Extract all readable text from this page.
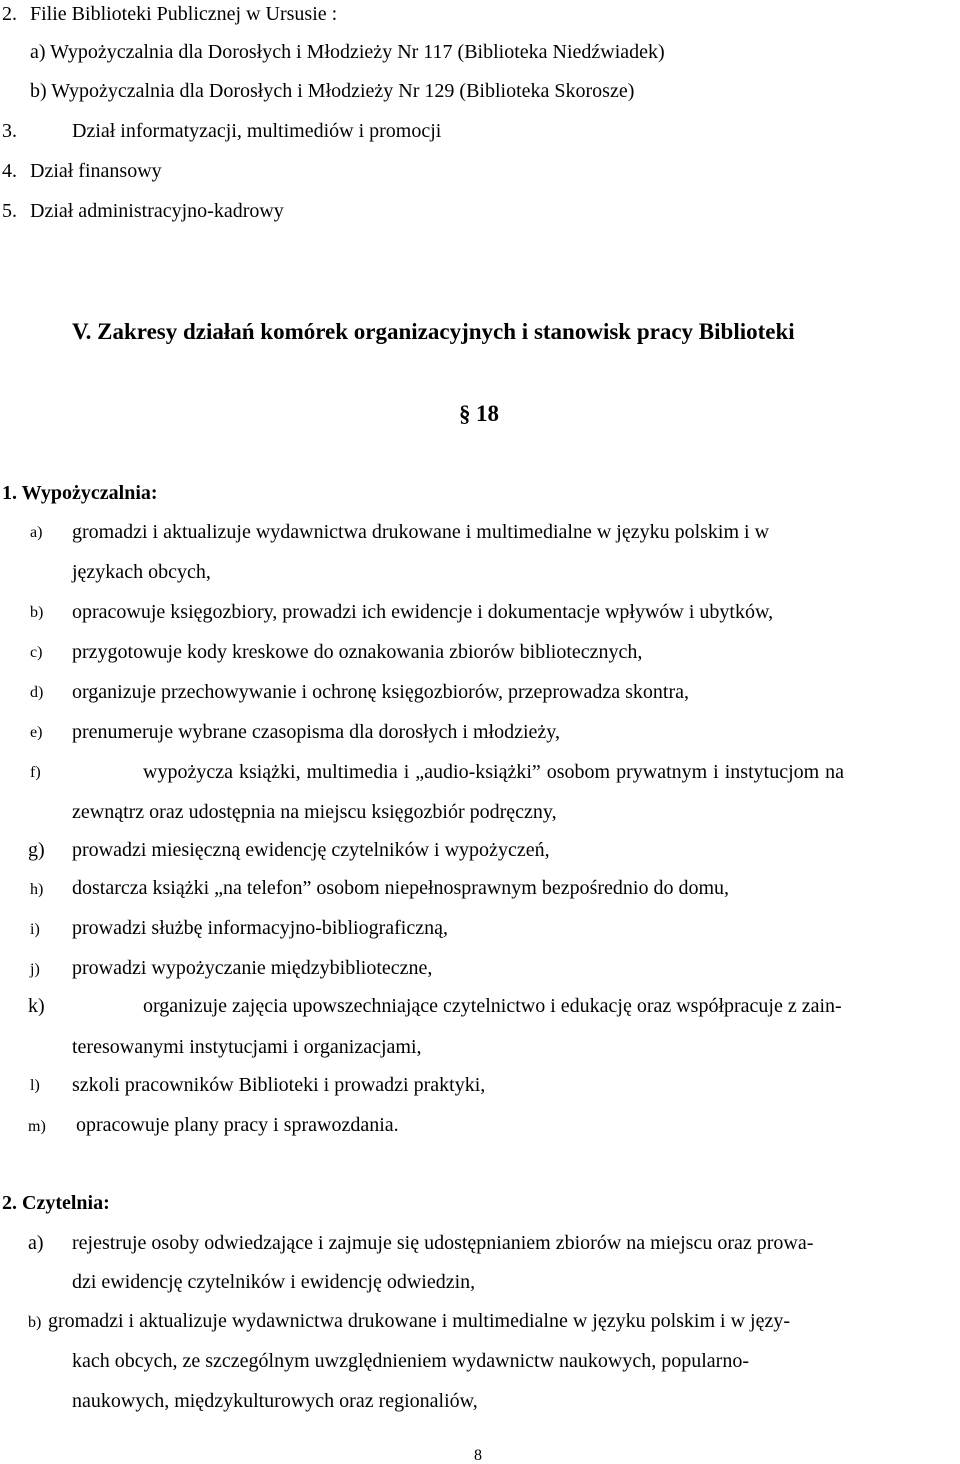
2. Filie Biblioteki Publicznej w Ursusie :
a) Wypożyczalnia dla Dorosłych i Młodzieży Nr 117 (Biblioteka Niedźwiadek)
b) Wypożyczalnia dla Dorosłych i Młodzieży Nr 129 (Biblioteka Skorosze)
3.	Dział informatyzacji, multimediów i promocji
4. Dział finansowy
5. Dział administracyjno-kadrowy
V. Zakresy działań komórek organizacyjnych i stanowisk pracy Biblioteki
§ 18
1. Wypożyczalnia:
a) gromadzi i aktualizuje wydawnictwa drukowane i multimedialne w języku polskim i w
językach obcych,
b) opracowuje księgozbiory, prowadzi ich ewidencje i dokumentacje wpływów i ubytków,
c) przygotowuje kody kreskowe do oznakowania zbiorów bibliotecznych,
d) organizuje przechowywanie i ochronę księgozbiorów, przeprowadza skontra,
e) prenumeruje wybrane czasopisma dla dorosłych i młodzieży,
f)	wypożycza książki, multimedia i „audio-książki” osobom prywatnym i instytucjom na
zewnątrz oraz udostępnia na miejscu księgozbiór podręczny,
g) prowadzi miesięczną ewidencję czytelników i wypożyczeń,
h) dostarcza książki „na telefon” osobom niepełnosprawnym bezpośrednio do domu,
i) prowadzi służbę informacyjno-bibliograficzną,
j) prowadzi wypożyczanie międzybiblioteczne,
k)	organizuje zajęcia upowszechniające czytelnictwo i edukację oraz współpracuje z zain-
teresowanymi instytucjami i organizacjami,
l) szkoli pracowników Biblioteki i prowadzi praktyki,
m) opracowuje plany pracy i sprawozdania.
2. Czytelnia:
a) rejestruje osoby odwiedzające i zajmuje się udostępnianiem zbiorów na miejscu oraz prowa-
dzi ewidencję czytelników i ewidencję odwiedzin,
b) gromadzi i aktualizuje wydawnictwa drukowane i multimedialne w języku polskim i w języ-
kach obcych, ze szczególnym uwzględnieniem wydawnictw naukowych, popularno-
naukowych, międzykulturowych oraz regionaliów,
8
